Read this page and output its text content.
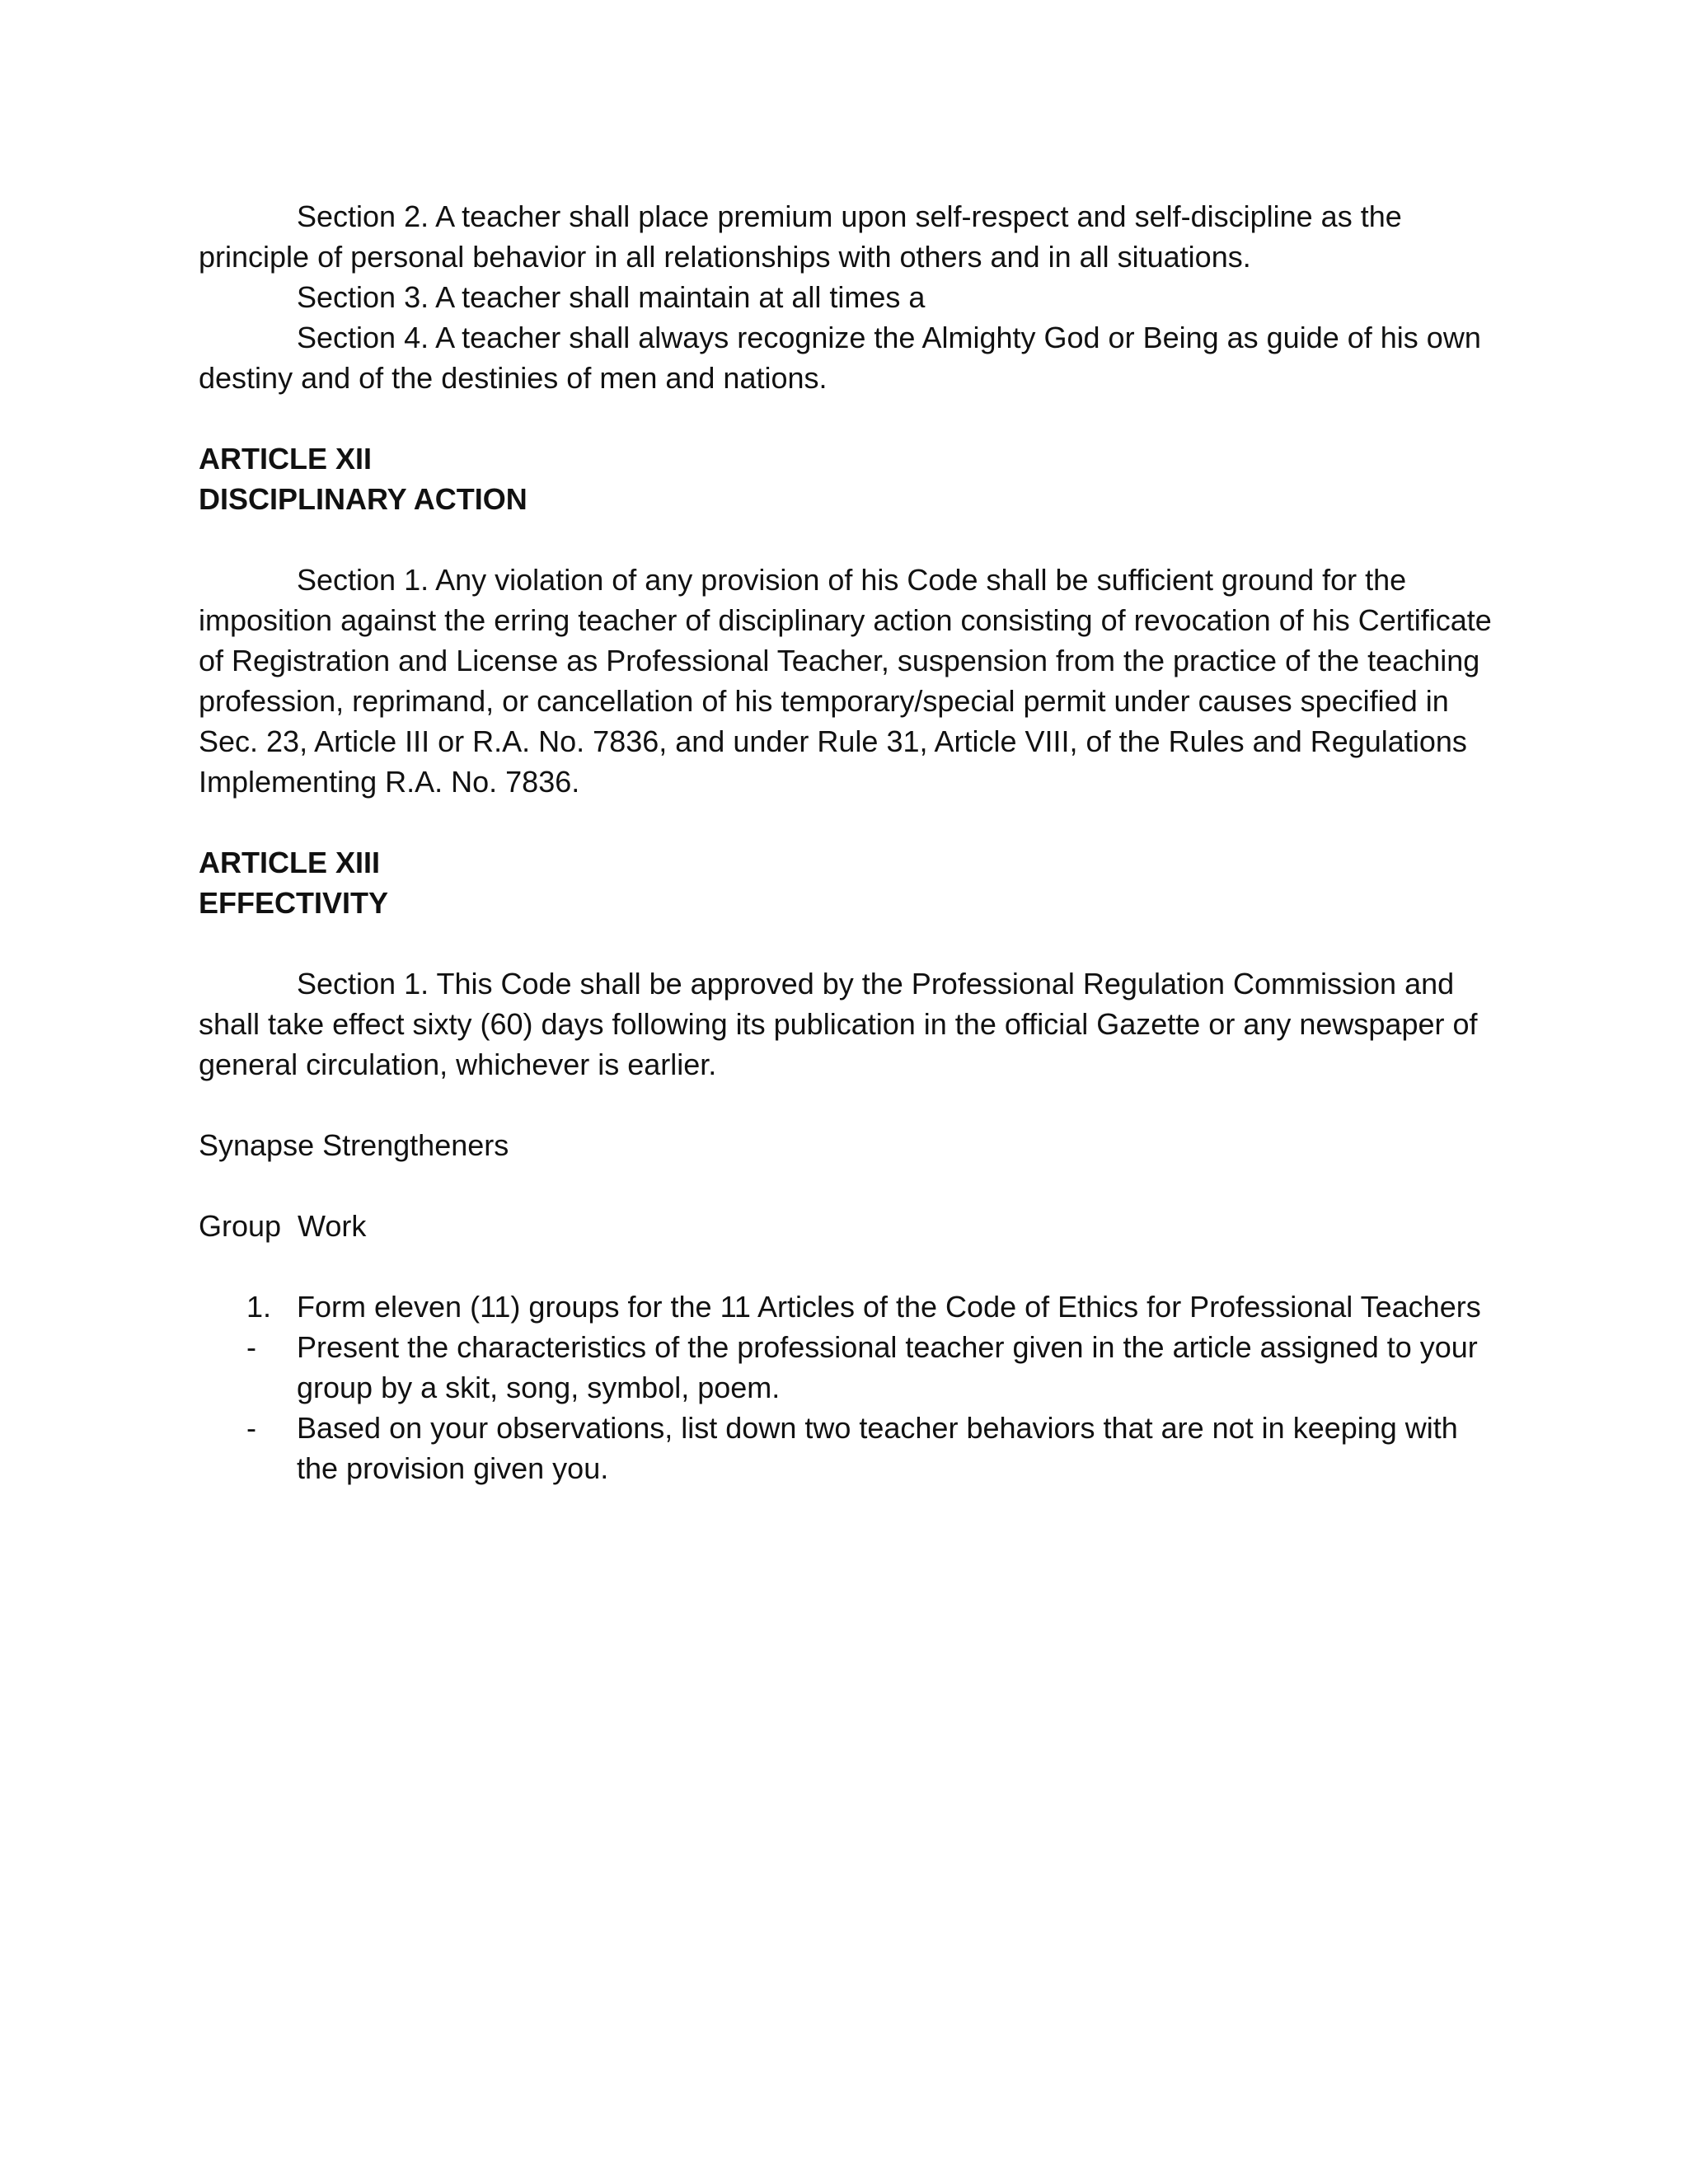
Section 2. A teacher shall place premium upon self-respect and self-discipline as the principle of personal behavior in all relationships with others and in all situations.

Section 3. A teacher shall maintain at all times a

Section 4. A teacher shall always recognize the Almighty God or Being as guide of his own destiny and of the destinies of men and nations.

ARTICLE XII

DISCIPLINARY ACTION

Section 1. Any violation of any provision of his Code shall be sufficient ground for the imposition against the erring teacher of disciplinary action consisting of revocation of his Certificate of Registration and License as Professional Teacher, suspension from the practice of the teaching profession, reprimand, or cancellation of his temporary/special permit under causes specified in Sec. 23, Article III or R.A. No. 7836, and under Rule 31, Article VIII, of the Rules and Regulations Implementing R.A. No. 7836.

ARTICLE XIII

EFFECTIVITY

Section 1. This Code shall be approved by the Professional Regulation Commission and shall take effect sixty (60) days following its publication in the official Gazette or any newspaper of general circulation, whichever is earlier.

Synapse Strengtheners

Group  Work

1. Form eleven (11) groups for the 11 Articles of the Code of Ethics for Professional Teachers
- Present the characteristics of the professional teacher given in the article assigned to your group by a skit, song, symbol, poem.
- Based on your observations, list down two teacher behaviors that are not in keeping with the provision given you.
